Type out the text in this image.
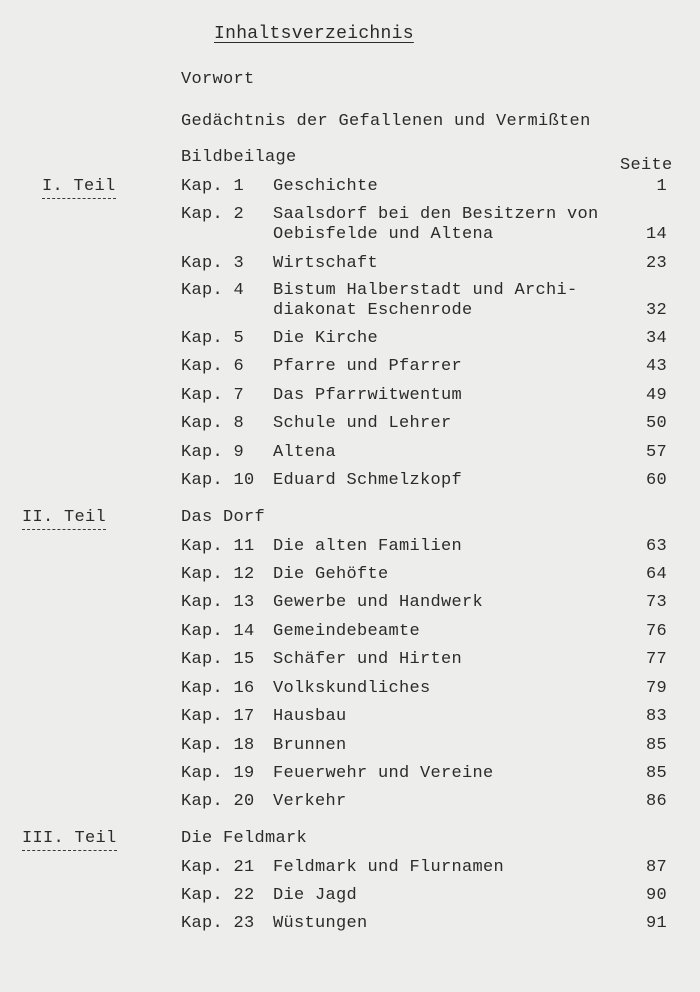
Inhaltsverzeichnis
Vorwort
Gedächtnis der Gefallenen und Vermißten
Bildbeilage	Seite
I. Teil	Kap. 1 Geschichte	1
Kap. 2 Saalsdorf bei den Besitzern von
Oebisfelde und Altena	14
Kap. 3 Wirtschaft	23
Kap. 4 Bistum Halberstadt und Archi-
diakonat Eschenrode	32
Kap. 5 Die Kirche	34
Kap. 6 Pfarre und Pfarrer	43
Kap. 7 Das Pfarrwitwentum	49
Kap. 8 Schule und Lehrer	50
Kap. 9 Altena	57
Kap. 10 Eduard Schmelzkopf	60
II. Teil	Das Dorf
Kap. 11 Die alten Familien	63
Kap. 12 Die Gehöfte	64
Kap. 13 Gewerbe und Handwerk	73
Kap. 14 Gemeindebeamte	76
Kap. 15 Schäfer und Hirten	77
Kap. 16 Volkskundliches	79
Kap. 17 Hausbau	83
Kap. 18 Brunnen	85
Kap. 19 Feuerwehr und Vereine	85
Kap. 20 Verkehr	86
III. Teil	Die Feldmark
Kap. 21 Feldmark und Flurnamen	87
Kap. 22 Die Jagd	90
Kap. 23 Wüstungen	91
